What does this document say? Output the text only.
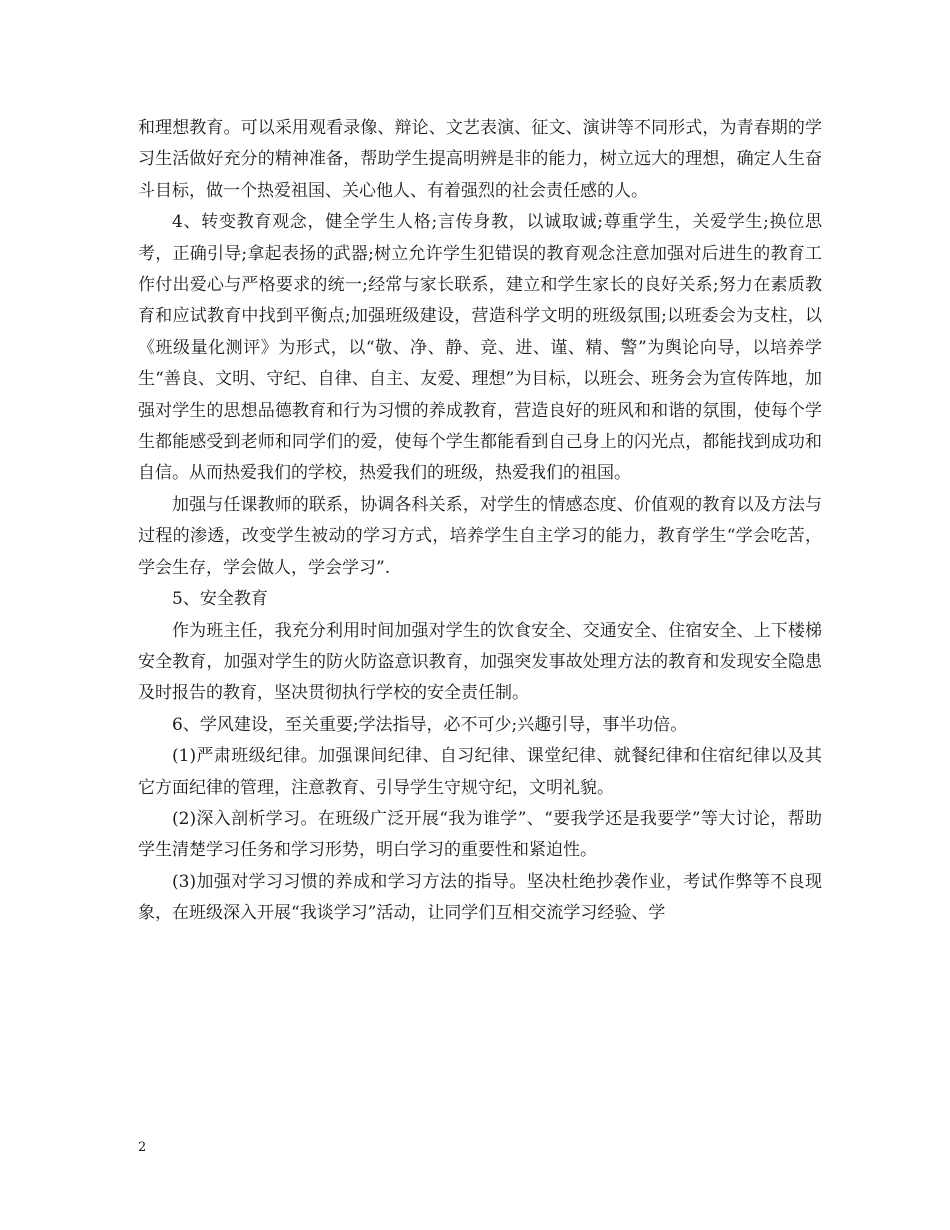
和理想教育。可以采用观看录像、辩论、文艺表演、征文、演讲等不同形式，为青春期的学习生活做好充分的精神准备，帮助学生提高明辨是非的能力，树立远大的理想，确定人生奋斗目标，做一个热爱祖国、关心他人、有着强烈的社会责任感的人。

4、转变教育观念，健全学生人格;言传身教，以诚取诚;尊重学生，关爱学生;换位思考，正确引导;拿起表扬的武器;树立允许学生犯错误的教育观念注意加强对后进生的教育工作付出爱心与严格要求的统一;经常与家长联系，建立和学生家长的良好关系;努力在素质教育和应试教育中找到平衡点;加强班级建设，营造科学文明的班级氛围;以班委会为支柱，以《班级量化测评》为形式，以“敬、净、静、竞、进、谨、精、警”为舆论向导，以培养学生“善良、文明、守纪、自律、自主、友爱、理想”为目标，以班会、班务会为宣传阵地，加强对学生的思想品德教育和行为习惯的养成教育，营造良好的班风和和谐的氛围，使每个学生都能感受到老师和同学们的爱，使每个学生都能看到自己身上的闪光点，都能找到成功和自信。从而热爱我们的学校，热爱我们的班级，热爱我们的祖国。

加强与任课教师的联系，协调各科关系，对学生的情感态度、价值观的教育以及方法与过程的渗透，改变学生被动的学习方式，培养学生自主学习的能力，教育学生“学会吃苦，学会生存，学会做人，学会学习”.

5、安全教育

作为班主任，我充分利用时间加强对学生的饮食安全、交通安全、住宿安全、上下楼梯安全教育，加强对学生的防火防盗意识教育，加强突发事故处理方法的教育和发现安全隐患及时报告的教育，坚决贯彻执行学校的安全责任制。

6、学风建设，至关重要;学法指导，必不可少;兴趣引导，事半功倍。

(1)严肃班级纪律。加强课间纪律、自习纪律、课堂纪律、就餐纪律和住宿纪律以及其它方面纪律的管理，注意教育、引导学生守规守纪，文明礼貌。

(2)深入剖析学习。在班级广泛开展“我为谁学”、“要我学还是我要学”等大讨论，帮助学生清楚学习任务和学习形势，明白学习的重要性和紧迫性。

(3)加强对学习习惯的养成和学习方法的指导。坚决杜绝抄袭作业，考试作弊等不良现象，在班级深入开展“我谈学习”活动，让同学们互相交流学习经验、学

2
